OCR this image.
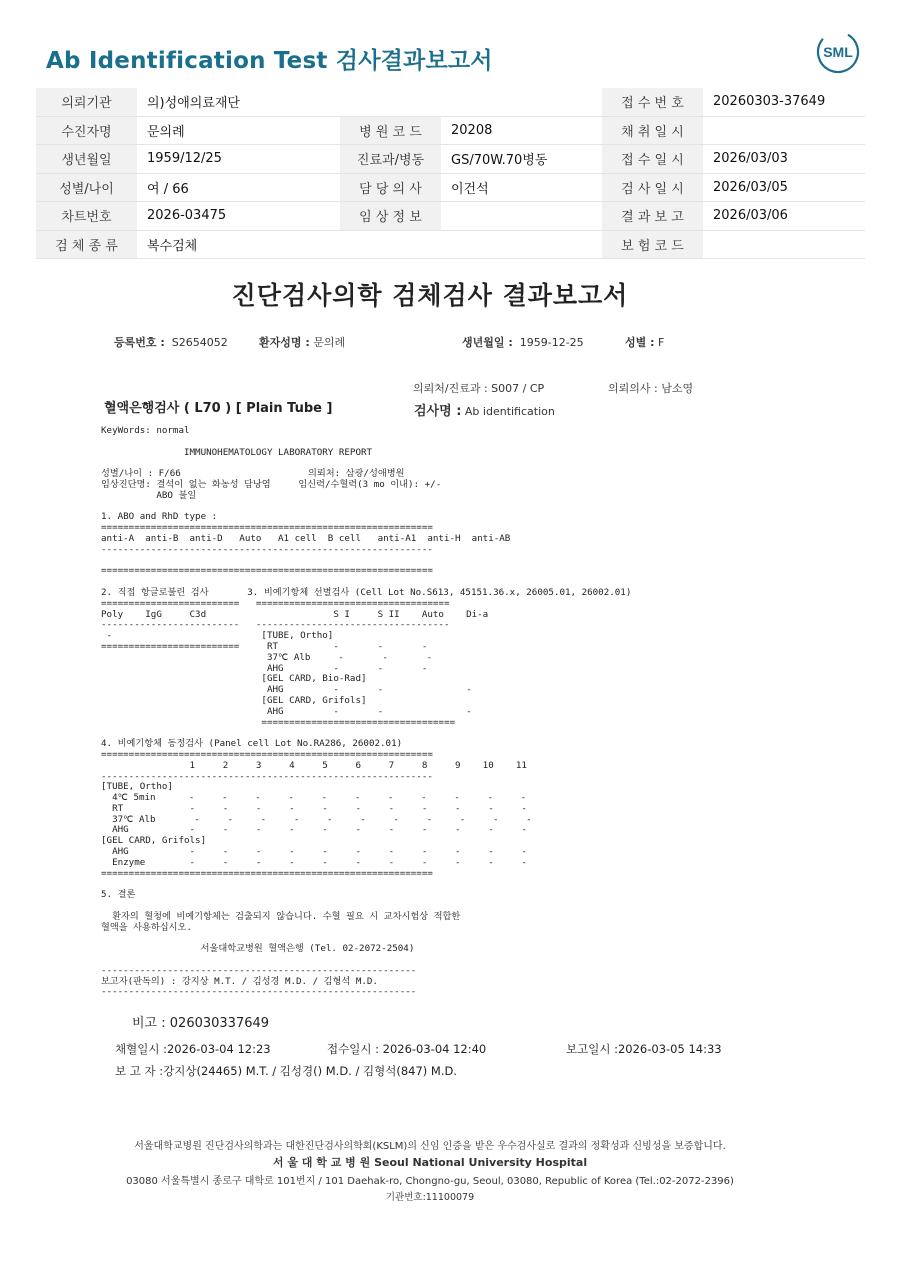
Ab Identification Test 검사결과보고서	SML
의뢰기관	의)성애의료재단			접 수 번 호	20260303-37649
수진자명	문의례	병 원 코 드	20208	채 취 일 시	
생년월일	1959/12/25	진료과/병동	GS/70W.70병동	접 수 일 시	2026/03/03
성별/나이	여 / 66	담 당 의 사	이건석	검 사 일 시	2026/03/05
차트번호	2026-03475	임 상 정 보		결 과 보 고	2026/03/06
검 체 종 류	복수검체			보 험 코 드	
진단검사의학 검체검사 결과보고서
등록번호 : S2654052	환자성명 : 문의례	생년월일 : 1959-12-25	성별 : F
의뢰처/진료과 : S007 / CP	의뢰의사 : 남소영
혈액은행검사 ( L70 ) [ Plain Tube ]	검사명 : Ab identification
KeyWords: normal

IMMUNOHEMATOLOGY LABORATORY REPORT

성별/나이 : F/66                       의뢰처: 삼광/성애병원
임상진단명: 결석이 없는 화농성 담낭염     임신력/수혈력(3 mo 이내): +/-
ABO 불일

1. ABO and RhD type :
============================================================
anti-A  anti-B  anti-D   Auto   A1 cell  B cell   anti-A1  anti-H  anti-AB
------------------------------------------------------------

============================================================

2. 직접 항글로불린 검사       3. 비예기항체 선별검사 (Cell Lot No.S613, 45151.36.x, 26005.01, 26002.01)
=========================   ===================================
Poly    IgG     C3d                       S I     S II    Auto    Di-a
-------------------------   -----------------------------------
-                           [TUBE, Ortho]
=========================     RT          -       -       -
37℃ Alb     -       -       -
AHG         -       -       -
[GEL CARD, Bio-Rad]
AHG         -       -               -
[GEL CARD, Grifols]
AHG         -       -               -
===================================

4. 비예기항체 동정검사 (Panel cell Lot No.RA286, 26002.01)
============================================================
1     2     3     4     5     6     7     8     9    10    11
------------------------------------------------------------
[TUBE, Ortho]
4℃ 5min      -     -     -     -     -     -     -     -     -     -     -
RT            -     -     -     -     -     -     -     -     -     -     -
37℃ Alb       -     -     -     -     -     -     -     -     -     -     -
AHG           -     -     -     -     -     -     -     -     -     -     -
[GEL CARD, Grifols]
AHG           -     -     -     -     -     -     -     -     -     -     -
Enzyme        -     -     -     -     -     -     -     -     -     -     -
============================================================

5. 결론

환자의 혈청에 비예기항체는 검출되지 않습니다. 수혈 필요 시 교차시험상 적합한
혈액을 사용하십시오.

서울대학교병원 혈액은행 (Tel. 02-2072-2504)

---------------------------------------------------------
보고자(판독의) : 강지상 M.T. / 김성경 M.D. / 김형석 M.D.
---------------------------------------------------------
비고 : 026030337649
채혈일시 :2026-03-04 12:23	접수일시 : 2026-03-04 12:40	보고일시 :2026-03-05 14:33
보 고 자 :강지상(24465) M.T. / 김성경() M.D. / 김형석(847) M.D.
서울대학교병원 진단검사의학과는 대한진단검사의학회(KSLM)의 신임 인증을 받은 우수검사실로 결과의 정확성과 신빙성을 보증합니다.
서 울 대 학 교 병 원 Seoul National University Hospital
03080 서울특별시 종로구 대학로 101번지 / 101 Daehak-ro, Chongno-gu, Seoul, 03080, Republic of Korea (Tel.:02-2072-2396)
기관번호:11100079
